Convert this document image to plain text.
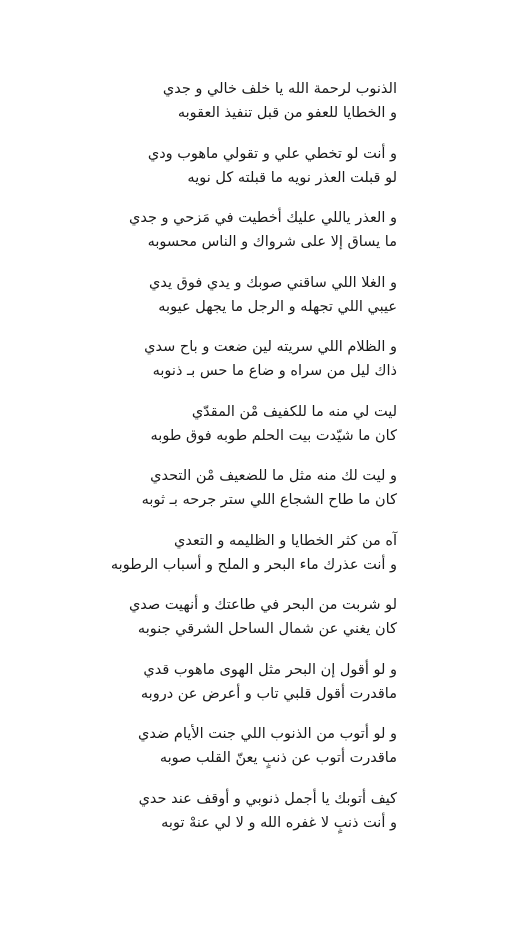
الذنوب لرحمة الله يا خلف خالي و جدي
و الخطايا للعفو من قبل تنفيذ العقوبه
و أنت لو تخطي علي و تقولي ماهوب ودي
لو قبلت العذر نويه ما قبلته كل نويه
و العذر ياللي عليك أخطيت في مَزحي و جدي
ما يساق إلا على شرواك و الناس محسوبه
و الغلا اللي ساقني صوبك و يدي فوق يدي
عيبي اللي تجهله و الرجل ما يجهل عيوبه
و الظلام اللي سريته لين ضعت و باح سدي
ذاك ليل من سراه و ضاع ما حس بـ ذنوبه
ليت لي منه ما للكفيف مْن المقدّي
كان ما شيّدت بيت الحلم طوبه فوق طوبه
و ليت لك منه مثل ما للضعيف مْن التحدي
كان ما طاح الشجاع اللي ستر جرحه بـ ثوبه
آه من كثر الخطايا و الظليمه و التعدي
و أنت عذرك ماء البحر و الملح و أسباب الرطوبه
لو شربت من البحر في طاعتك و أنهيت صدي
كان يغني عن شمال الساحل الشرقي جنوبه
و لو أقول إن البحر مثل الهوى ماهوب قدي
ماقدرت أقول قلبي تاب و أعرض عن دروبه
و لو أتوب من الذنوب اللي جنت الأيام ضدي
ماقدرت أتوب عن ذنبٍ يعنّ القلب صوبه
كيف أتوبك يا أجمل ذنوبي و أوقف عند حدي
و أنت ذنبٍ لا غفره الله و لا لي عنهْ توبه
